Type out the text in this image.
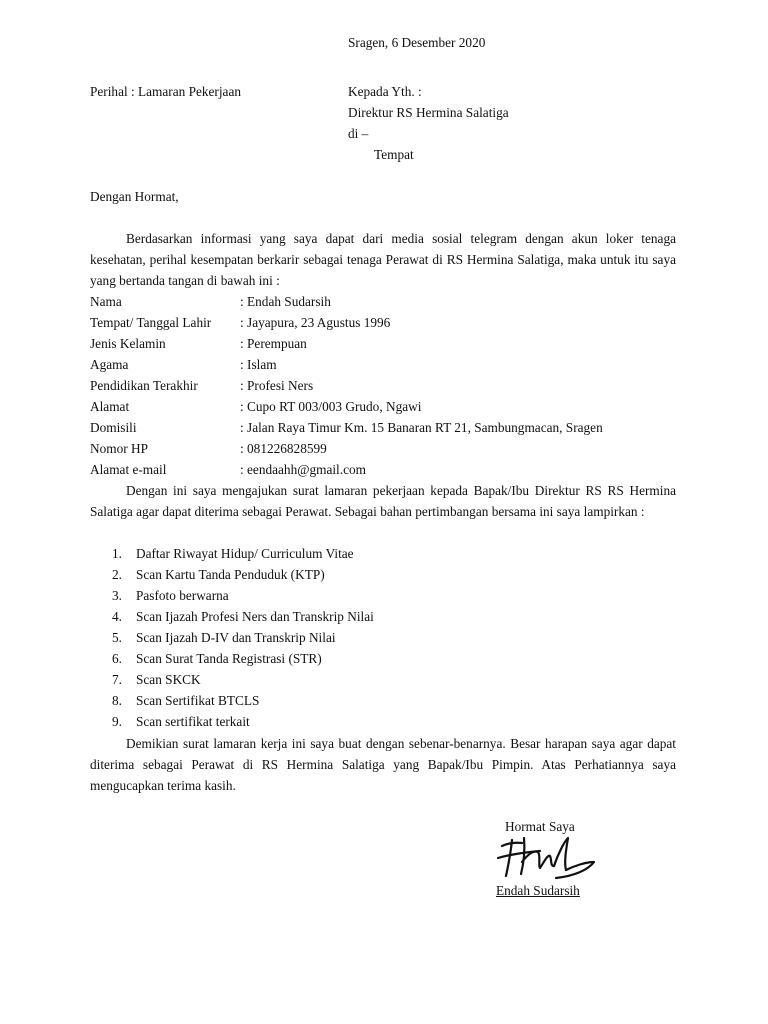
Sragen, 6 Desember 2020
Perihal : Lamaran Pekerjaan	Kepada Yth. :
Direktur RS Hermina Salatiga
di –
Tempat
Dengan Hormat,
Berdasarkan informasi yang saya dapat dari media sosial telegram dengan akun loker tenaga kesehatan, perihal kesempatan berkarir sebagai tenaga Perawat di RS Hermina Salatiga, maka untuk itu saya yang bertanda tangan di bawah ini :
Nama	: Endah Sudarsih
Tempat/ Tanggal Lahir : Jayapura, 23 Agustus 1996
Jenis Kelamin	: Perempuan
Agama	: Islam
Pendidikan Terakhir	: Profesi Ners
Alamat	: Cupo RT 003/003 Grudo, Ngawi
Domisili	: Jalan Raya Timur Km. 15 Banaran RT 21, Sambungmacan, Sragen
Nomor HP	: 081226828599
Alamat e-mail	: eendaahh@gmail.com
Dengan ini saya mengajukan surat lamaran pekerjaan kepada Bapak/Ibu Direktur RS RS Hermina Salatiga agar dapat diterima sebagai Perawat. Sebagai bahan pertimbangan bersama ini saya lampirkan :
1. Daftar Riwayat Hidup/ Curriculum Vitae
2. Scan Kartu Tanda Penduduk (KTP)
3. Pasfoto berwarna
4. Scan Ijazah Profesi Ners dan Transkrip Nilai
5. Scan Ijazah D-IV dan Transkrip Nilai
6. Scan Surat Tanda Registrasi (STR)
7. Scan SKCK
8. Scan Sertifikat BTCLS
9. Scan sertifikat terkait
Demikian surat lamaran kerja ini saya buat dengan sebenar-benarnya. Besar harapan saya agar dapat diterima sebagai Perawat di RS Hermina Salatiga yang Bapak/Ibu Pimpin. Atas Perhatiannya saya mengucapkan terima kasih.
Hormat Saya
Endah Sudarsih
